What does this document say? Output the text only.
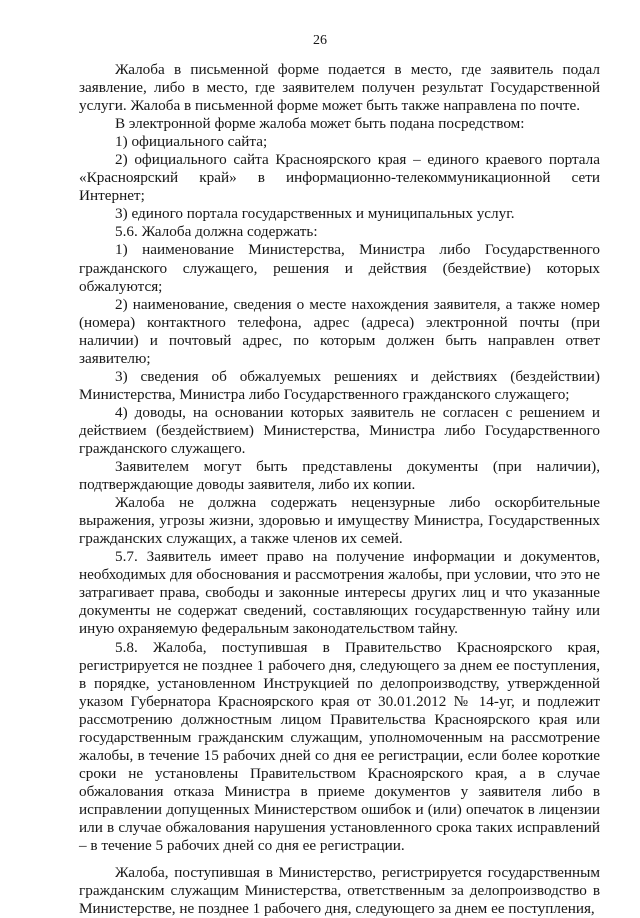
26

Жалоба в письменной форме подается в место, где заявитель подал заявление, либо в место, где заявителем получен результат Государственной услуги. Жалоба в письменной форме может быть также направлена по почте.

В электронной форме жалоба может быть подана посредством:

1) официального сайта;

2) официального сайта Красноярского края – единого краевого портала «Красноярский край» в информационно-телекоммуникационной сети Интернет;

3) единого портала государственных и муниципальных услуг.

5.6. Жалоба должна содержать:

1) наименование Министерства, Министра либо Государственного гражданского служащего, решения и действия (бездействие) которых обжалуются;

2) наименование, сведения о месте нахождения заявителя, а также номер (номера) контактного телефона, адрес (адреса) электронной почты (при наличии) и почтовый адрес, по которым должен быть направлен ответ заявителю;

3) сведения об обжалуемых решениях и действиях (бездействии) Министерства, Министра либо Государственного гражданского служащего;

4) доводы, на основании которых заявитель не согласен с решением и действием (бездействием) Министерства, Министра либо Государственного гражданского служащего.

Заявителем могут быть представлены документы (при наличии), подтверждающие доводы заявителя, либо их копии.

Жалоба не должна содержать нецензурные либо оскорбительные выражения, угрозы жизни, здоровью и имуществу Министра, Государственных гражданских служащих, а также членов их семей.

5.7. Заявитель имеет право на получение информации и документов, необходимых для обоснования и рассмотрения жалобы, при условии, что это не затрагивает права, свободы и законные интересы других лиц и что указанные документы не содержат сведений, составляющих государственную тайну или иную охраняемую федеральным законодательством тайну.

5.8. Жалоба, поступившая в Правительство Красноярского края, регистрируется не позднее 1 рабочего дня, следующего за днем ее поступления, в порядке, установленном Инструкцией по делопроизводству, утвержденной указом Губернатора Красноярского края от 30.01.2012 № 14-уг, и подлежит рассмотрению должностным лицом Правительства Красноярского края или государственным гражданским служащим, уполномоченным на рассмотрение жалобы, в течение 15 рабочих дней со дня ее регистрации, если более короткие сроки не установлены Правительством Красноярского края, а в случае обжалования отказа Министра в приеме документов у заявителя либо в исправлении допущенных Министерством ошибок и (или) опечаток в лицензии или в случае обжалования нарушения установленного срока таких исправлений – в течение 5 рабочих дней со дня ее регистрации.

Жалоба, поступившая в Министерство, регистрируется государственным гражданским служащим Министерства, ответственным за делопроизводство в Министерстве, не позднее 1 рабочего дня, следующего за днем ее поступления,
